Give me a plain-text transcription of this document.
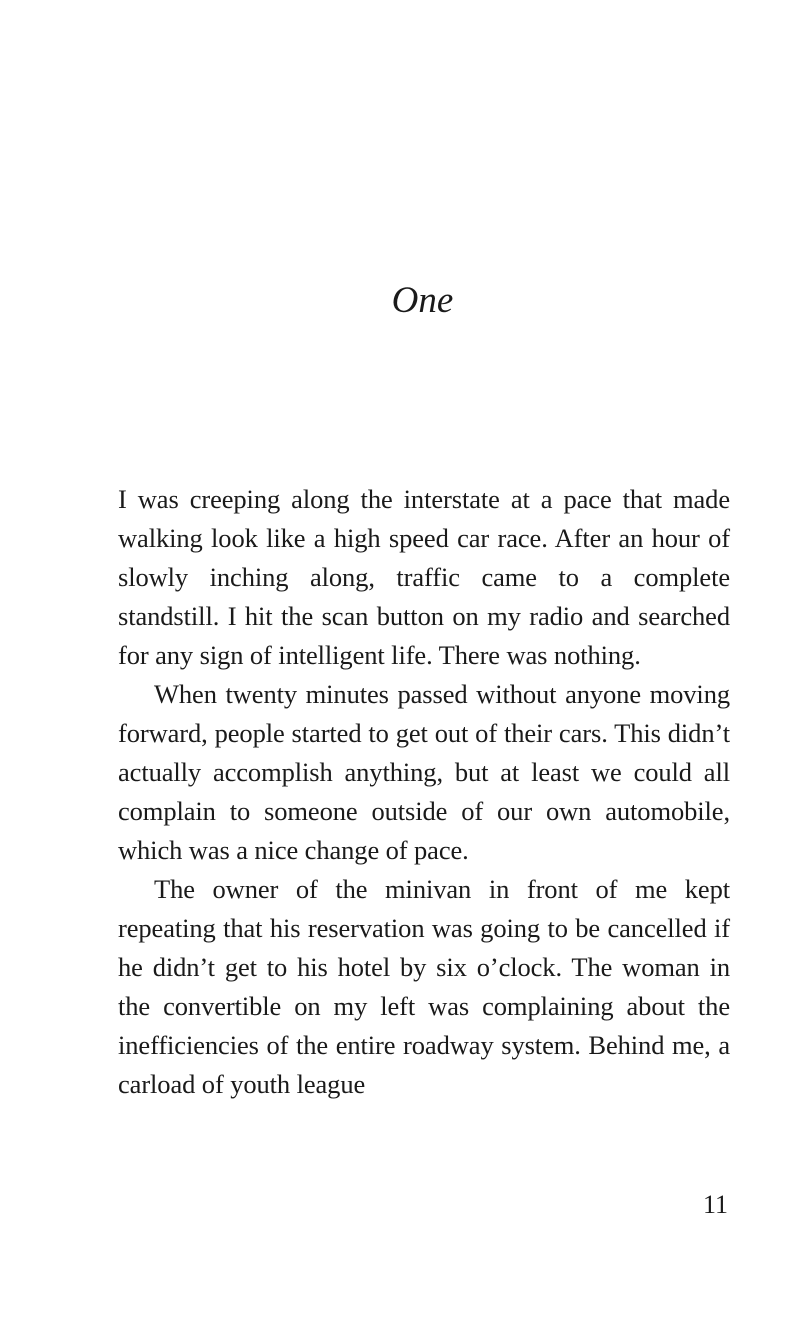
One

I was creeping along the interstate at a pace that made walking look like a high speed car race. After an hour of slowly inching along, traffic came to a complete standstill. I hit the scan button on my radio and searched for any sign of intelligent life. There was nothing.

When twenty minutes passed without anyone moving forward, people started to get out of their cars. This didn’t actually accomplish anything, but at least we could all complain to someone outside of our own automobile, which was a nice change of pace.

The owner of the minivan in front of me kept repeating that his reservation was going to be cancelled if he didn’t get to his hotel by six o’clock. The woman in the convertible on my left was complaining about the inefficiencies of the entire roadway system. Behind me, a carload of youth league

11
